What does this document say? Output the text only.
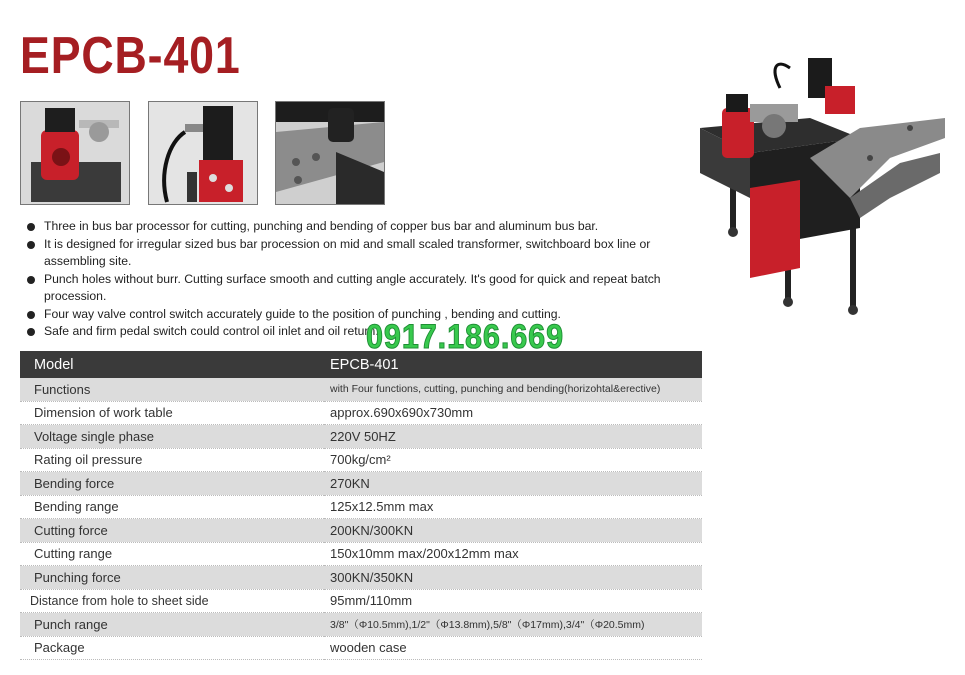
EPCB-401
Three in bus bar processor for cutting, punching and bending of copper bus bar and aluminum bus bar.
It is designed for irregular sized bus bar procession on mid and small scaled transformer, switchboard box line or assembling site.
Punch holes without burr. Cutting surface smooth and cutting angle accurately. It's good for quick and repeat batch procession.
Four way valve control switch accurately guide to the position of punching , bending and cutting.
Safe and firm pedal switch could control oil inlet and oil return.
Model	EPCB-401
Functions	with Four functions, cutting, punching and bending(horizohtal&erective)
Dimension of work table	approx.690x690x730mm
Voltage single phase	220V 50HZ
Rating oil pressure	700kg/cm²
Bending force	270KN
Bending range	125x12.5mm max
Cutting force	200KN/300KN
Cutting range	150x10mm max/200x12mm max
Punching force	300KN/350KN
Distance from hole to sheet side	95mm/110mm
Punch range	3/8"（Φ10.5mm),1/2"（Φ13.8mm),5/8"（Φ17mm),3/4"（Φ20.5mm)
Package	wooden case
0917.186.669
